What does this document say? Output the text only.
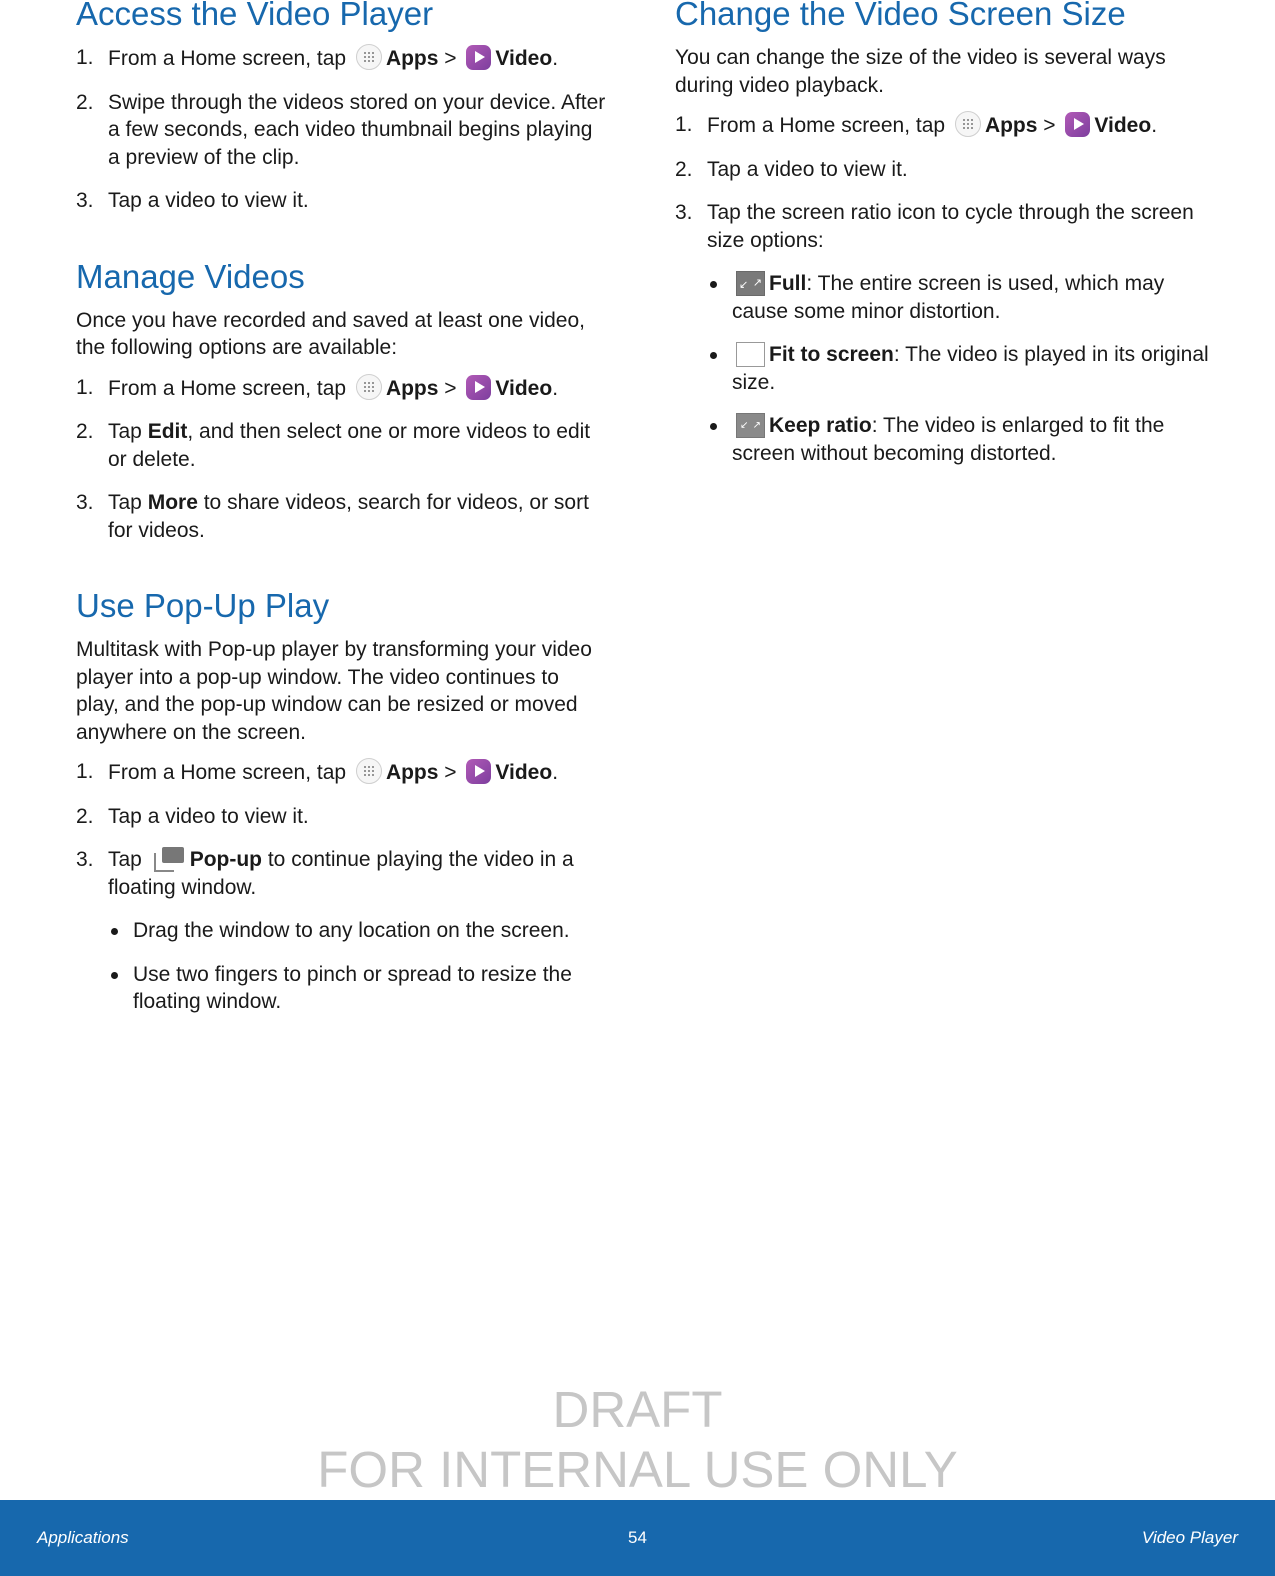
Access the Video Player
1. From a Home screen, tap Apps > Video.
2. Swipe through the videos stored on your device. After a few seconds, each video thumbnail begins playing a preview of the clip.
3. Tap a video to view it.
Manage Videos

Once you have recorded and saved at least one video, the following options are available:

1. From a Home screen, tap Apps > Video.
2. Tap Edit, and then select one or more videos to edit or delete.
3. Tap More to share videos, search for videos, or sort for videos.
Use Pop-Up Play

Multitask with Pop-up player by transforming your video player into a pop-up window. The video continues to play, and the pop-up window can be resized or moved anywhere on the screen.

1. From a Home screen, tap Apps > Video.
2. Tap a video to view it.
3. Tap Pop-up to continue playing the video in a floating window.
Drag the window to any location on the screen.
Use two fingers to pinch or spread to resize the floating window.
Change the Video Screen Size

You can change the size of the video is several ways during video playback.

1. From a Home screen, tap Apps > Video.
2. Tap a video to view it.
3. Tap the screen ratio icon to cycle through the screen size options:
↗ ↙Full: The entire screen is used, which may cause some minor distortion.
Fit to screen: The video is played in its original size.
↗ ↙Keep ratio: The video is enlarged to fit the screen without becoming distorted.
DRAFT
FOR INTERNAL USE ONLY
Applications	54	Video Player
